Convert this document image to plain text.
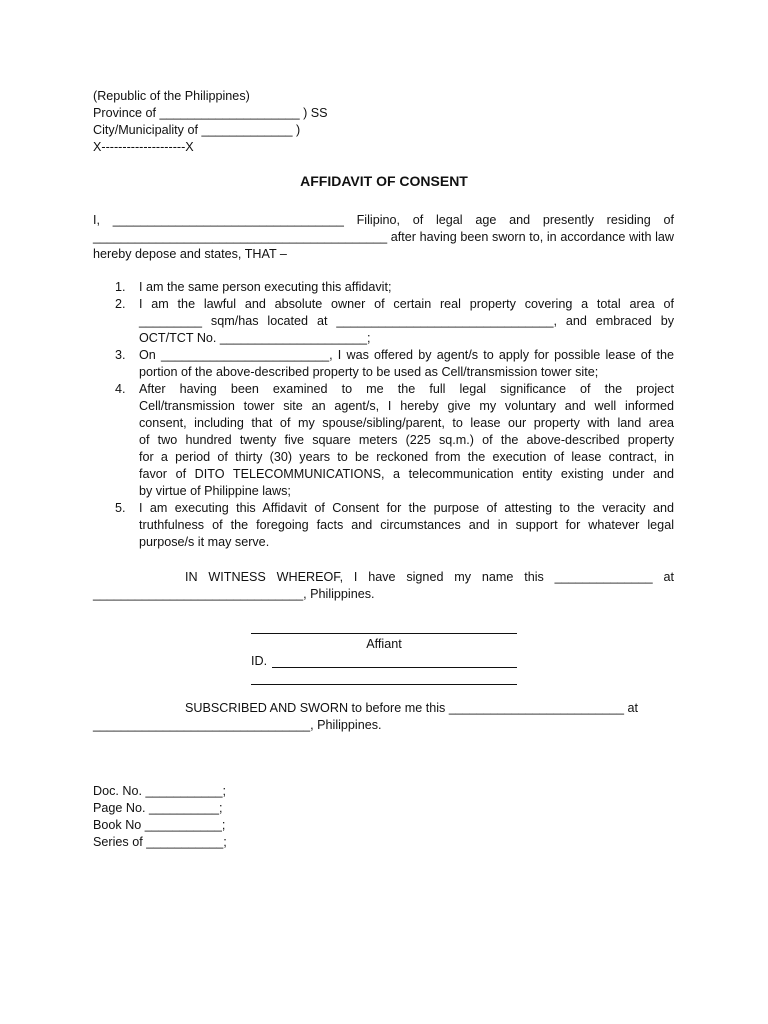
(Republic of the Philippines)
Province of ____________________ ) SS
City/Municipality of _____________ )
X--------------------X
AFFIDAVIT OF CONSENT
I, _________________________________ Filipino, of legal age and presently residing of
__________________________________________ after having been sworn to, in accordance with law
hereby depose and states, THAT –
1. I am the same person executing this affidavit;
2. I am the lawful and absolute owner of certain real property covering a total area of
_________ sqm/has located at _______________________________, and embraced by
OCT/TCT No. _____________________;
3. On ________________________, I was offered by agent/s to apply for possible lease of the
portion of the above-described property to be used as Cell/transmission tower site;
4. After having been examined to me the full legal significance of the project
Cell/transmission tower site an agent/s, I hereby give my voluntary and well informed
consent, including that of my spouse/sibling/parent, to lease our property with land area
of two hundred twenty five square meters (225 sq.m.) of the above-described property
for a period of thirty (30) years to be reckoned from the execution of lease contract, in
favor of DITO TELECOMMUNICATIONS, a telecommunication entity existing under and
by virtue of Philippine laws;
5. I am executing this Affidavit of Consent for the purpose of attesting to the veracity and
truthfulness of the foregoing facts and circumstances and in support for whatever legal
purpose/s it may serve.
IN WITNESS WHEREOF, I have signed my name this ______________ at
______________________________, Philippines.
Affiant
ID.
SUBSCRIBED AND SWORN to before me this _________________________ at
_______________________________, Philippines.
Doc. No. ___________;
Page No. __________;
Book No ___________;
Series of ___________;
